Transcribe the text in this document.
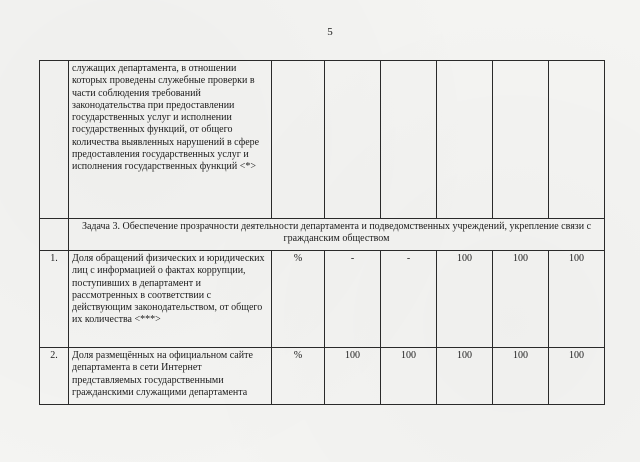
5
	служащих департамента, в отношении которых проведены служебные проверки в части соблюдения требований законодательства при предоставлении государственных услуг и исполнении государственных функций, от общего количества выявленных нарушений в сфере предоставления государственных услуг и исполнения государственных функций <*>						
	Задача 3. Обеспечение прозрачности деятельности департамента и подведомственных учреждений, укрепление связи с гражданским обществом						
1.	Доля обращений физических и юридических лиц с информацией о фактах коррупции, поступивших в департамент и рассмотренных в соответствии с действующим законодательством, от общего их количества <***>	%	-	-	100	100	100
2.	Доля размещённых на официальном сайте департамента в сети Интернет представляемых государственными гражданскими служащими департамента	%	100	100	100	100	100
